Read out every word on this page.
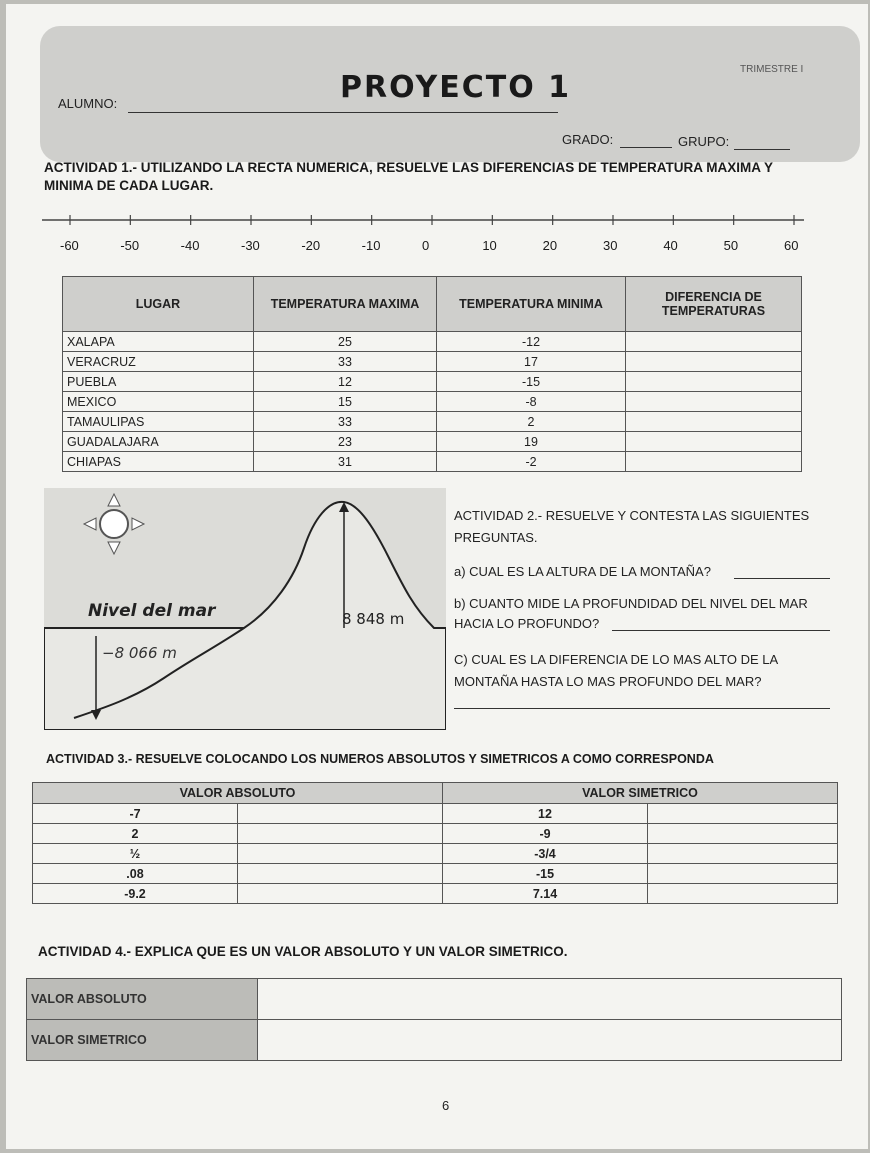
PROYECTO 1
TRIMESTRE I
ALUMNO:
GRADO:	GRUPO:
ACTIVIDAD 1.- UTILIZANDO LA RECTA NUMERICA, RESUELVE LAS DIFERENCIAS DE TEMPERATURA MAXIMA Y
MINIMA DE CADA LUGAR.
-60	-50	-40	-30	-20	-10	0	10	20	30	40	50	60
LUGAR	TEMPERATURA MAXIMA	TEMPERATURA MINIMA	DIFERENCIA DE TEMPERATURAS
XALAPA	25	-12	
VERACRUZ	33	17	
PUEBLA	12	-15	
MEXICO	15	-8	
TAMAULIPAS	33	2	
GUADALAJARA	23	19	
CHIAPAS	31	-2	
Nivel del mar	8 848 m
−8 066 m
ACTIVIDAD 2.- RESUELVE Y CONTESTA LAS SIGUIENTES
PREGUNTAS.
a) CUAL ES LA ALTURA DE LA MONTAÑA?
b) CUANTO MIDE LA PROFUNDIDAD DEL NIVEL DEL MAR
HACIA LO PROFUNDO?
C) CUAL ES LA DIFERENCIA DE LO MAS ALTO DE LA
MONTAÑA HASTA LO MAS PROFUNDO DEL MAR?
ACTIVIDAD 3.- RESUELVE COLOCANDO LOS NUMEROS ABSOLUTOS Y SIMETRICOS A COMO CORRESPONDA
VALOR ABSOLUTO		VALOR SIMETRICO	
-7		12	
2		-9	
½		-3/4	
.08		-15	
-9.2		7.14	
ACTIVIDAD 4.- EXPLICA QUE ES UN VALOR ABSOLUTO Y UN VALOR SIMETRICO.
VALOR ABSOLUTO	
VALOR SIMETRICO	
6
